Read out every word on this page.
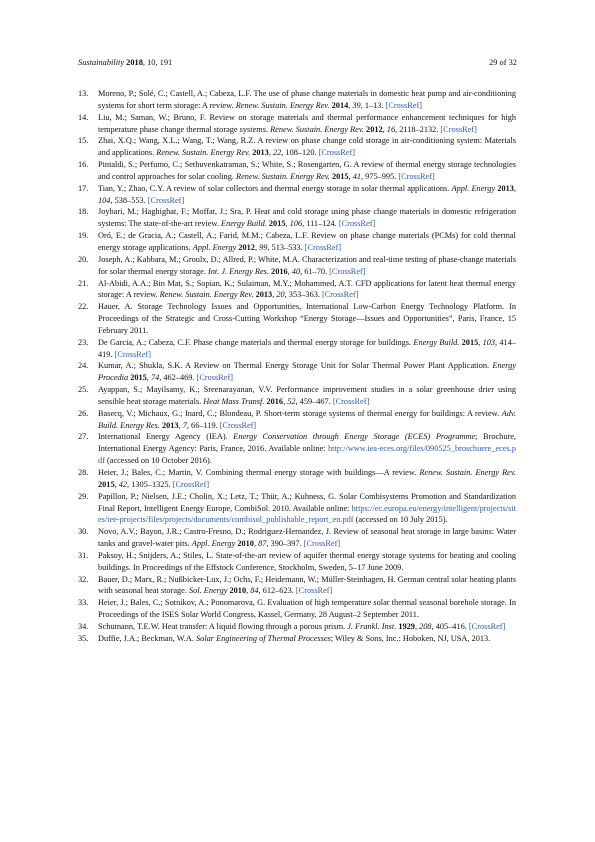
Sustainability 2018, 10, 191	29 of 32
13. Moreno, P.; Solé, C.; Castell, A.; Cabeza, L.F. The use of phase change materials in domestic heat pump and air-conditioning systems for short term storage: A review. Renew. Sustain. Energy Rev. 2014, 39, 1–13. [CrossRef]
14. Liu, M.; Saman, W.; Bruno, F. Review on storage materials and thermal performance enhancement techniques for high temperature phase change thermal storage systems. Renew. Sustain. Energy Rev. 2012, 16, 2118–2132. [CrossRef]
15. Zhai, X.Q.; Wang, X.L.; Wang, T.; Wang, R.Z. A review on phase change cold storage in air-conditioning system: Materials and applications. Renew. Sustain. Energy Rev. 2013, 22, 108–120. [CrossRef]
16. Pintaldi, S.; Perfumo, C.; Sethuvenkatraman, S.; White, S.; Rosengarten, G. A review of thermal energy storage technologies and control approaches for solar cooling. Renew. Sustain. Energy Rev. 2015, 41, 975–995. [CrossRef]
17. Tian, Y.; Zhao, C.Y. A review of solar collectors and thermal energy storage in solar thermal applications. Appl. Energy 2013, 104, 538–553. [CrossRef]
18. Joybari, M.; Haghighat, F.; Moffat, J.; Sra, P. Heat and cold storage using phase change materials in domestic refrigeration systems: The state-of-the-art review. Energy Build. 2015, 106, 111–124. [CrossRef]
19. Oró, E.; de Gracia, A.; Castell, A.; Farid, M.M.; Cabeza, L.F. Review on phase change materials (PCMs) for cold thermal energy storage applications. Appl. Energy 2012, 99, 513–533. [CrossRef]
20. Joseph, A.; Kabbara, M.; Groulx, D.; Allred, P.; White, M.A. Characterization and real-time testing of phase-change materials for solar thermal energy storage. Int. J. Energy Res. 2016, 40, 61–70. [CrossRef]
21. Al-Abidi, A.A.; Bin Mat, S.; Sopian, K.; Sulaiman, M.Y.; Mohammed, A.T. CFD applications for latent heat thermal energy storage: A review. Renew. Sustain. Energy Rev. 2013, 20, 353–363. [CrossRef]
22. Hauer, A. Storage Technology Issues and Opportunities, International Low-Carbon Energy Technology Platform. In Proceedings of the Strategic and Cross-Cutting Workshop “Energy Storage—Issues and Opportunities”, Paris, France, 15 February 2011.
23. De Garcia, A.; Cabeza, C.F. Phase change materials and thermal energy storage for buildings. Energy Build. 2015, 103, 414–419. [CrossRef]
24. Kumar, A.; Shukla, S.K. A Review on Thermal Energy Storage Unit for Solar Thermal Power Plant Application. Energy Procedia 2015, 74, 462–469. [CrossRef]
25. Ayappan, S.; Mayilsamy, K.; Sreenarayanan, V.V. Performance improvement studies in a solar greenhouse drier using sensible heat storage materials. Heat Mass Transf. 2016, 52, 459–467. [CrossRef]
26. Basecq, V.; Michaux, G.; Inard, C.; Blondeau, P. Short-term storage systems of thermal energy for buildings: A review. Adv. Build. Energy Res. 2013, 7, 66–119. [CrossRef]
27. International Energy Agency (IEA). Energy Conservation through Energy Storage (ECES) Programme; Brochure, International Energy Agency: Paris, France, 2016. Available online: http://www.iea-eces.org/files/090525_broschuere_eces.pdf (accessed on 10 October 2016).
28. Heier, J.; Bales, C.; Martin, V. Combining thermal energy storage with buildings—A review. Renew. Sustain. Energy Rev. 2015, 42, 1305–1325. [CrossRef]
29. Papillon, P.; Nielsen, J.E.; Cholin, X.; Letz, T.; Thür, A.; Kuhness, G. Solar Combisystems Promotion and Standardization Final Report, Intelligent Energy Europe, CombiSol. 2010. Available online: https://ec.europa.eu/energy/intelligent/projects/sites/iee-projects/files/projects/documents/combisol_publishable_report_en.pdf (accessed on 10 July 2015).
30. Novo, A.V.; Bayon, J.R.; Castro-Fresno, D.; Rodriguez-Hernandez, J. Review of seasonal heat storage in large basins: Water tanks and gravel-water pits. Appl. Energy 2010, 87, 390–397. [CrossRef]
31. Paksoy, H.; Snijders, A.; Stiles, L. State-of-the-art review of aquifer thermal energy storage systems for heating and cooling buildings. In Proceedings of the Effstock Conference, Stockholm, Sweden, 5–17 June 2009.
32. Bauer, D.; Marx, R.; Nußbicker-Lux, J.; Ochs, F.; Heidemann, W.; Müller-Steinhagen, H. German central solar heating plants with seasonal heat storage. Sol. Energy 2010, 84, 612–623. [CrossRef]
33. Heier, J.; Bales, C.; Sotnikov, A.; Ponomarova, G. Evaluation of high temperature solar thermal seasonal borehole storage. In Proceedings of the ISES Solar World Congress, Kassel, Germany, 28 August–2 September 2011.
34. Schumann, T.E.W. Heat transfer: A liquid flowing through a porous prism. J. Frankl. Inst. 1929, 208, 405–416. [CrossRef]
35. Duffie, J.A.; Beckman, W.A. Solar Engineering of Thermal Processes; Wiley & Sons, Inc.: Hoboken, NJ, USA, 2013.
